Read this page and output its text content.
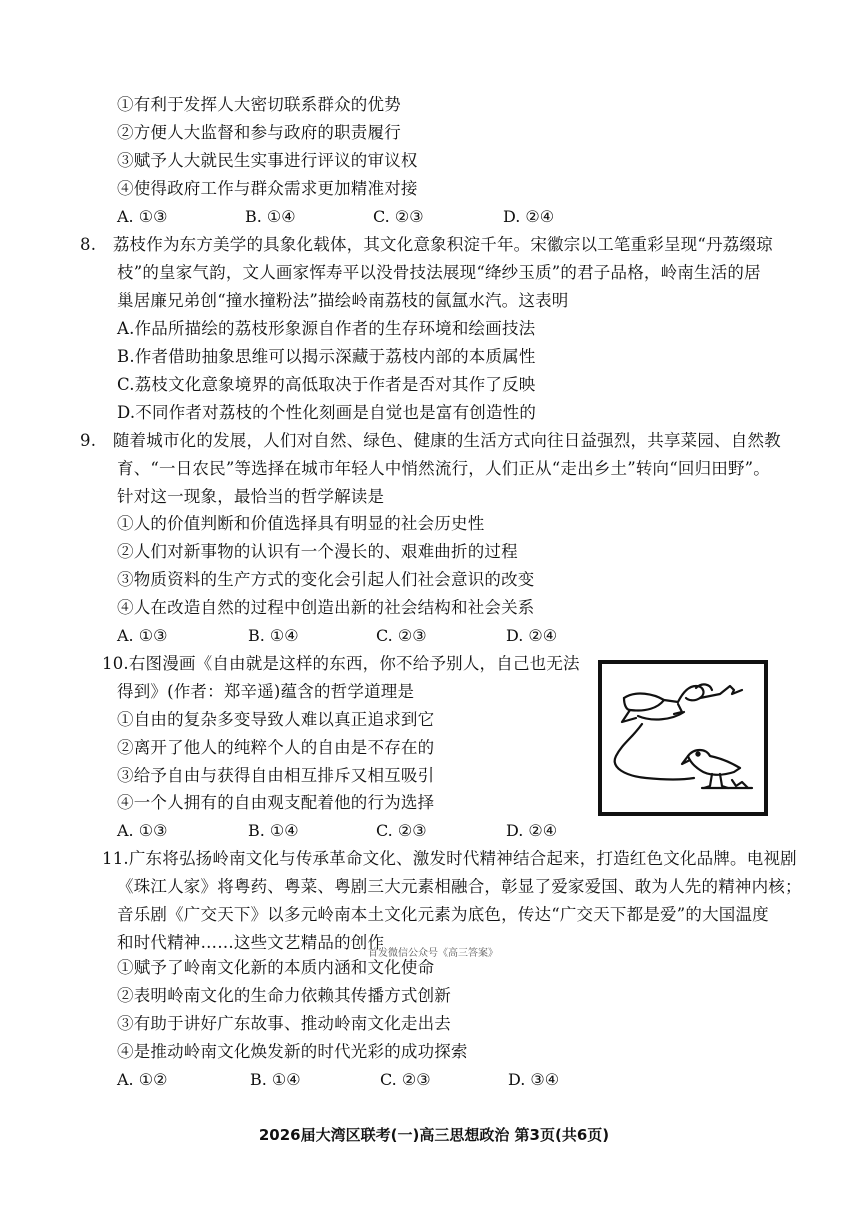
①有利于发挥人大密切联系群众的优势
②方便人大监督和参与政府的职责履行
③赋予人大就民生实事进行评议的审议权
④使得政府工作与群众需求更加精准对接
A. ①③	B. ①④	C. ②③	D. ②④
8.　荔枝作为东方美学的具象化载体，其文化意象积淀千年。宋徽宗以工笔重彩呈现“丹荔缀琼
枝”的皇家气韵，文人画家恽寿平以没骨技法展现“绛纱玉质”的君子品格，岭南生活的居
巢居廉兄弟创“撞水撞粉法”描绘岭南荔枝的氤氲水汽。这表明
A.作品所描绘的荔枝形象源自作者的生存环境和绘画技法
B.作者借助抽象思维可以揭示深藏于荔枝内部的本质属性
C.荔枝文化意象境界的高低取决于作者是否对其作了反映
D.不同作者对荔枝的个性化刻画是自觉也是富有创造性的
9.　随着城市化的发展，人们对自然、绿色、健康的生活方式向往日益强烈，共享菜园、自然教
育、“一日农民”等选择在城市年轻人中悄然流行，人们正从“走出乡土”转向“回归田野”。
针对这一现象，最恰当的哲学解读是
①人的价值判断和价值选择具有明显的社会历史性
②人们对新事物的认识有一个漫长的、艰难曲折的过程
③物质资料的生产方式的变化会引起人们社会意识的改变
④人在改造自然的过程中创造出新的社会结构和社会关系
A. ①③	B. ①④	C. ②③	D. ②④
10.右图漫画《自由就是这样的东西，你不给予别人，自己也无法
得到》(作者：郑辛遥)蕴含的哲学道理是
①自由的复杂多变导致人难以真正追求到它
②离开了他人的纯粹个人的自由是不存在的
③给予自由与获得自由相互排斥又相互吸引
④一个人拥有的自由观支配着他的行为选择
A. ①③	B. ①④	C. ②③	D. ②④
11.广东将弘扬岭南文化与传承革命文化、激发时代精神结合起来，打造红色文化品牌。电视剧
《珠江人家》将粤药、粤菜、粤剧三大元素相融合，彰显了爱家爱国、敢为人先的精神内核；
音乐剧《广交天下》以多元岭南本土文化元素为底色，传达“广交天下都是爱”的大国温度
和时代精神……这些文艺精品的创作
首发微信公众号《高三答案》
①赋予了岭南文化新的本质内涵和文化使命
②表明岭南文化的生命力依赖其传播方式创新
③有助于讲好广东故事、推动岭南文化走出去
④是推动岭南文化焕发新的时代光彩的成功探索
A. ①②	B. ①④	C. ②③	D. ③④
2026届大湾区联考(一)高三思想政治 第3页(共6页)
